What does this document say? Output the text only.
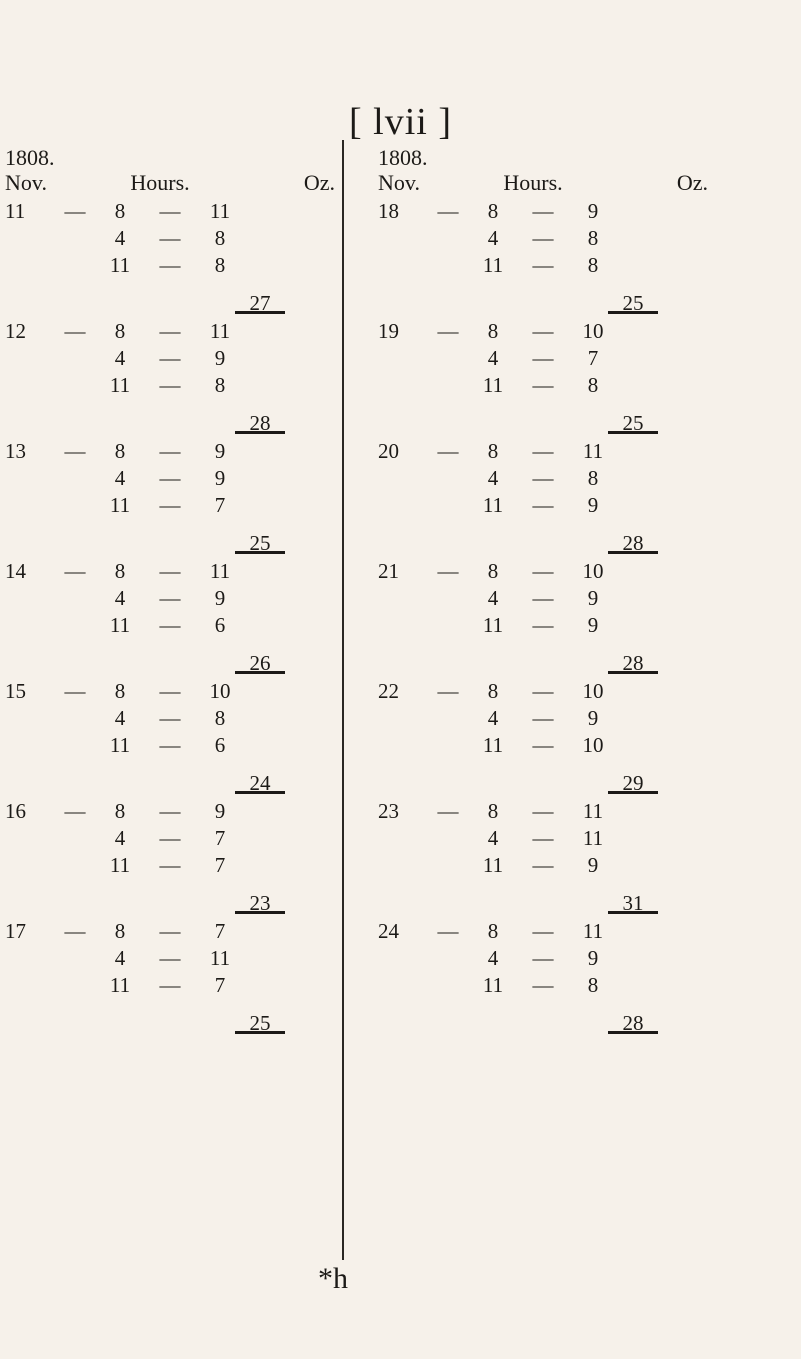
[ lvii ]
1808.
Nov.	Hours.	Oz.
11	—	8	—	11
4	—	8
11	—	8
27
12	—	8	—	11
4	—	9
11	—	8
28
13	—	8	—	9
4	—	9
11	—	7
25
14	—	8	—	11
4	—	9
11	—	6
26
15	—	8	—	10
4	—	8
11	—	6
24
16	—	8	—	9
4	—	7
11	—	7
23
17	—	8	—	7
4	—	11
11	—	7
25
1808.
Nov.	Hours.	Oz.
18	—	8	—	9
4	—	8
11	—	8
25
19	—	8	—	10
4	—	7
11	—	8
25
20	—	8	—	11
4	—	8
11	—	9
28
21	—	8	—	10
4	—	9
11	—	9
28
22	—	8	—	10
4	—	9
11	—	10
29
23	—	8	—	11
4	—	11
11	—	9
31
24	—	8	—	11
4	—	9
11	—	8
28
*h
